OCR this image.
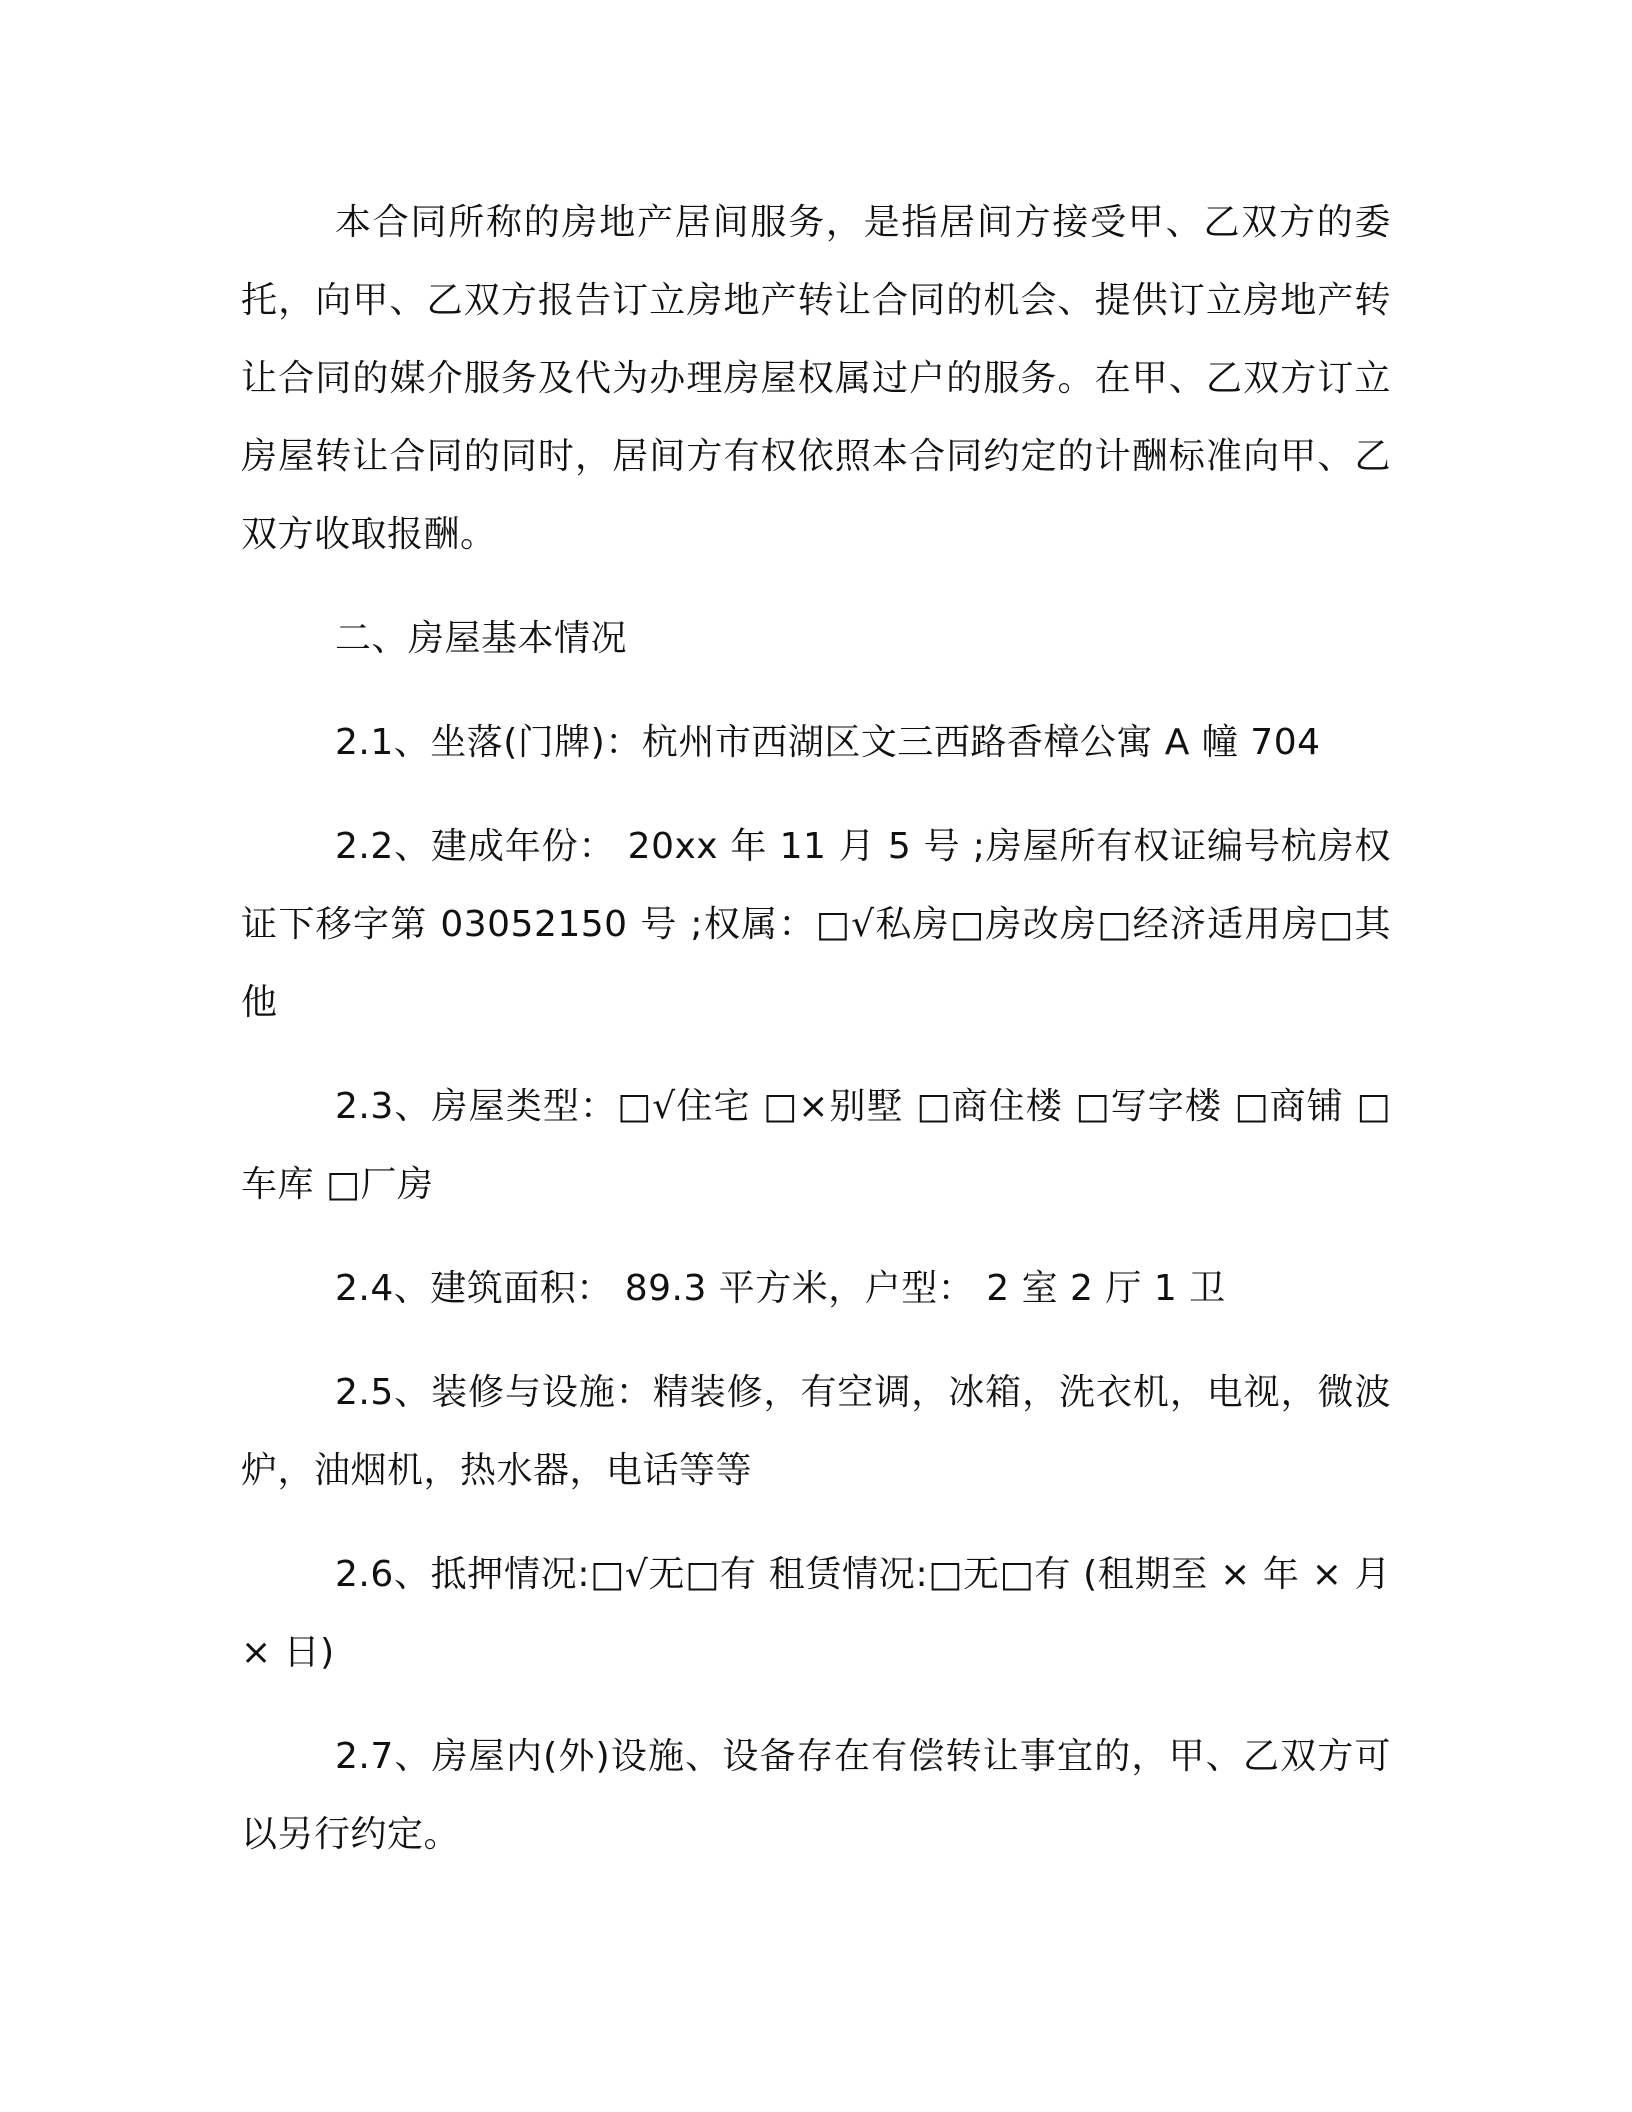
本合同所称的房地产居间服务，是指居间方接受甲、乙双方的委托，向甲、乙双方报告订立房地产转让合同的机会、提供订立房地产转让合同的媒介服务及代为办理房屋权属过户的服务。在甲、乙双方订立房屋转让合同的同时，居间方有权依照本合同约定的计酬标准向甲、乙双方收取报酬。

二、房屋基本情况

2.1、坐落(门牌)：杭州市西湖区文三西路香樟公寓 A 幢 704

2.2、建成年份： 20xx 年 11 月 5 号 ;房屋所有权证编号杭房权证下移字第 03052150 号 ;权属：□√私房□房改房□经济适用房□其他

2.3、房屋类型：□√住宅 □×别墅 □商住楼 □写字楼 □商铺 □车库 □厂房

2.4、建筑面积： 89.3 平方米，户型： 2 室 2 厅 1 卫

2.5、装修与设施：精装修，有空调，冰箱，洗衣机，电视，微波炉，油烟机，热水器，电话等等

2.6、抵押情况:□√无□有 租赁情况:□无□有 (租期至 × 年 × 月 × 日)

2.7、房屋内(外)设施、设备存在有偿转让事宜的，甲、乙双方可以另行约定。
